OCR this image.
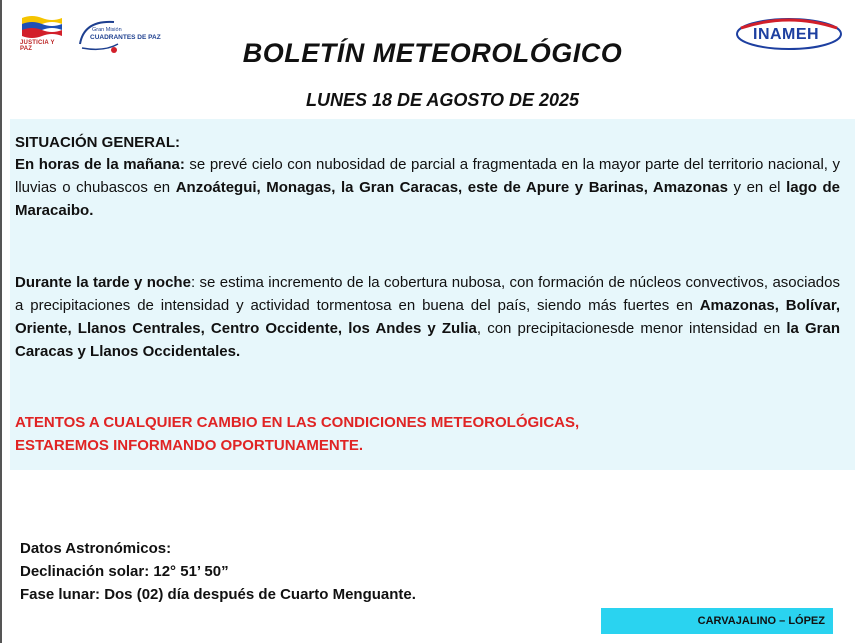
JUSTICIA Y PAZ
Gran Misión
CUADRANTES DE PAZ	INAMEH
BOLETÍN METEOROLÓGICO
LUNES 18 DE AGOSTO DE 2025
SITUACIÓN GENERAL:
En horas de la mañana: se prevé cielo con nubosidad de parcial a fragmentada en la mayor parte del territorio nacional, y lluvias o chubascos en Anzoátegui, Monagas, la Gran Caracas, este de Apure y Barinas, Amazonas y en el lago de Maracaibo.
Durante la tarde y noche: se estima incremento de la cobertura nubosa, con formación de núcleos convectivos, asociados a precipitaciones de intensidad y actividad tormentosa en buena del país, siendo más fuertes en Amazonas, Bolívar, Oriente, Llanos Centrales, Centro Occidente, los Andes y Zulia, con precipitacionesde menor intensidad en la Gran Caracas y Llanos Occidentales.
ATENTOS A CUALQUIER CAMBIO EN LAS CONDICIONES METEOROLÓGICAS,
ESTAREMOS INFORMANDO OPORTUNAMENTE.
Datos Astronómicos:
Declinación solar: 12° 51’ 50”
Fase lunar: Dos (02) día después de Cuarto Menguante.
CARVAJALINO – LÓPEZ
